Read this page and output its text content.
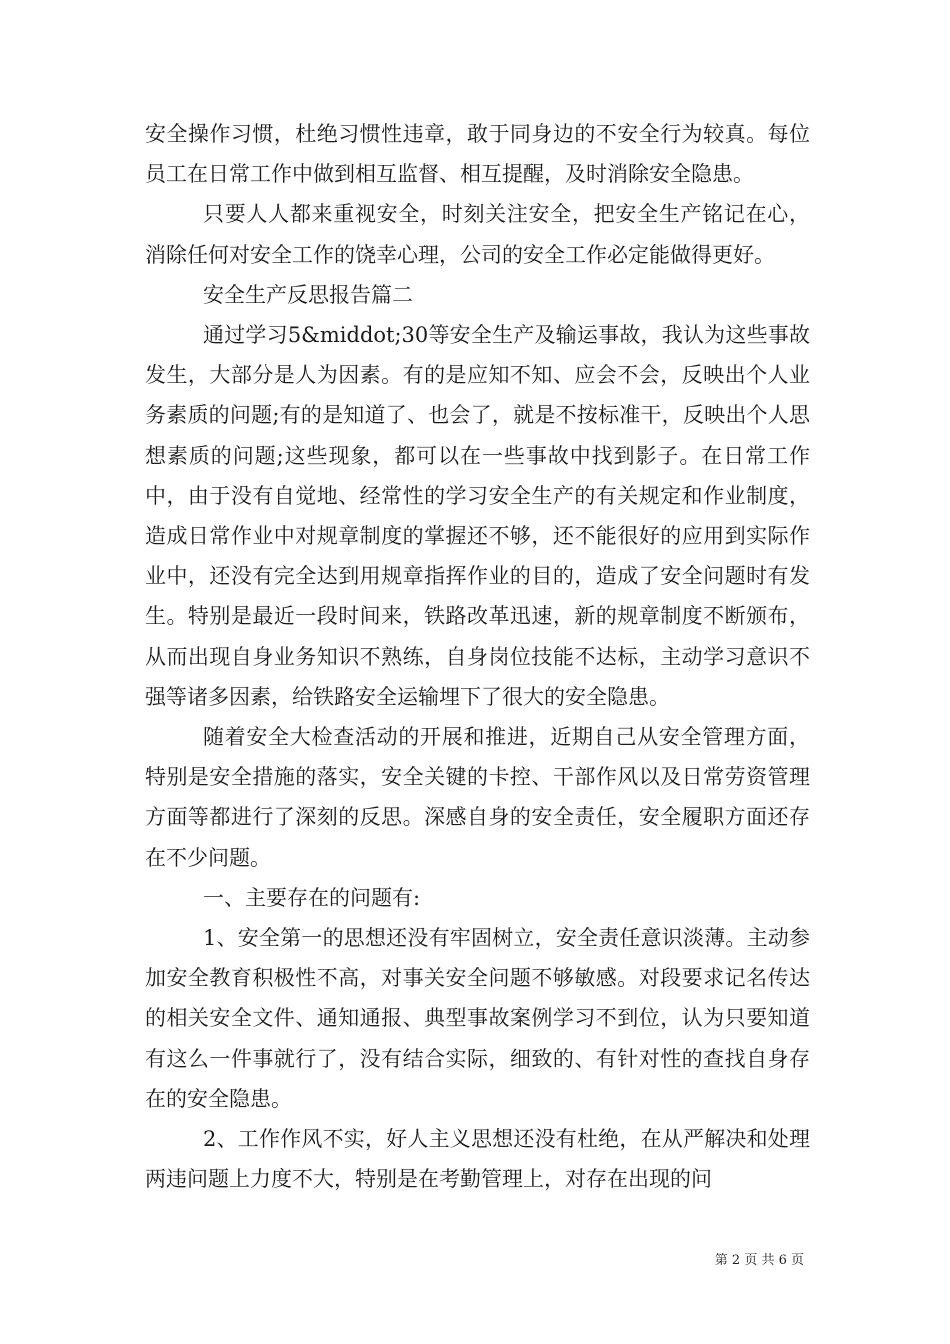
安全操作习惯，杜绝习惯性违章，敢于同身边的不安全行为较真。每位员工在日常工作中做到相互监督、相互提醒，及时消除安全隐患。

只要人人都来重视安全，时刻关注安全，把安全生产铭记在心，消除任何对安全工作的饶幸心理，公司的安全工作必定能做得更好。

安全生产反思报告篇二

通过学习5&middot;30等安全生产及输运事故，我认为这些事故发生，大部分是人为因素。有的是应知不知、应会不会，反映出个人业务素质的问题;有的是知道了、也会了，就是不按标准干，反映出个人思想素质的问题;这些现象，都可以在一些事故中找到影子。在日常工作中，由于没有自觉地、经常性的学习安全生产的有关规定和作业制度，造成日常作业中对规章制度的掌握还不够，还不能很好的应用到实际作业中，还没有完全达到用规章指挥作业的目的，造成了安全问题时有发生。特别是最近一段时间来，铁路改革迅速，新的规章制度不断颁布，从而出现自身业务知识不熟练，自身岗位技能不达标，主动学习意识不强等诸多因素，给铁路安全运输埋下了很大的安全隐患。

随着安全大检查活动的开展和推进，近期自己从安全管理方面，特别是安全措施的落实，安全关键的卡控、干部作风以及日常劳资管理方面等都进行了深刻的反思。深感自身的安全责任，安全履职方面还存在不少问题。

一、主要存在的问题有:

1、安全第一的思想还没有牢固树立，安全责任意识淡薄。主动参加安全教育积极性不高，对事关安全问题不够敏感。对段要求记名传达的相关安全文件、通知通报、典型事故案例学习不到位，认为只要知道有这么一件事就行了，没有结合实际，细致的、有针对性的查找自身存在的安全隐患。

2、工作作风不实，好人主义思想还没有杜绝，在从严解决和处理两违问题上力度不大，特别是在考勤管理上，对存在出现的问

第 2 页 共 6 页
